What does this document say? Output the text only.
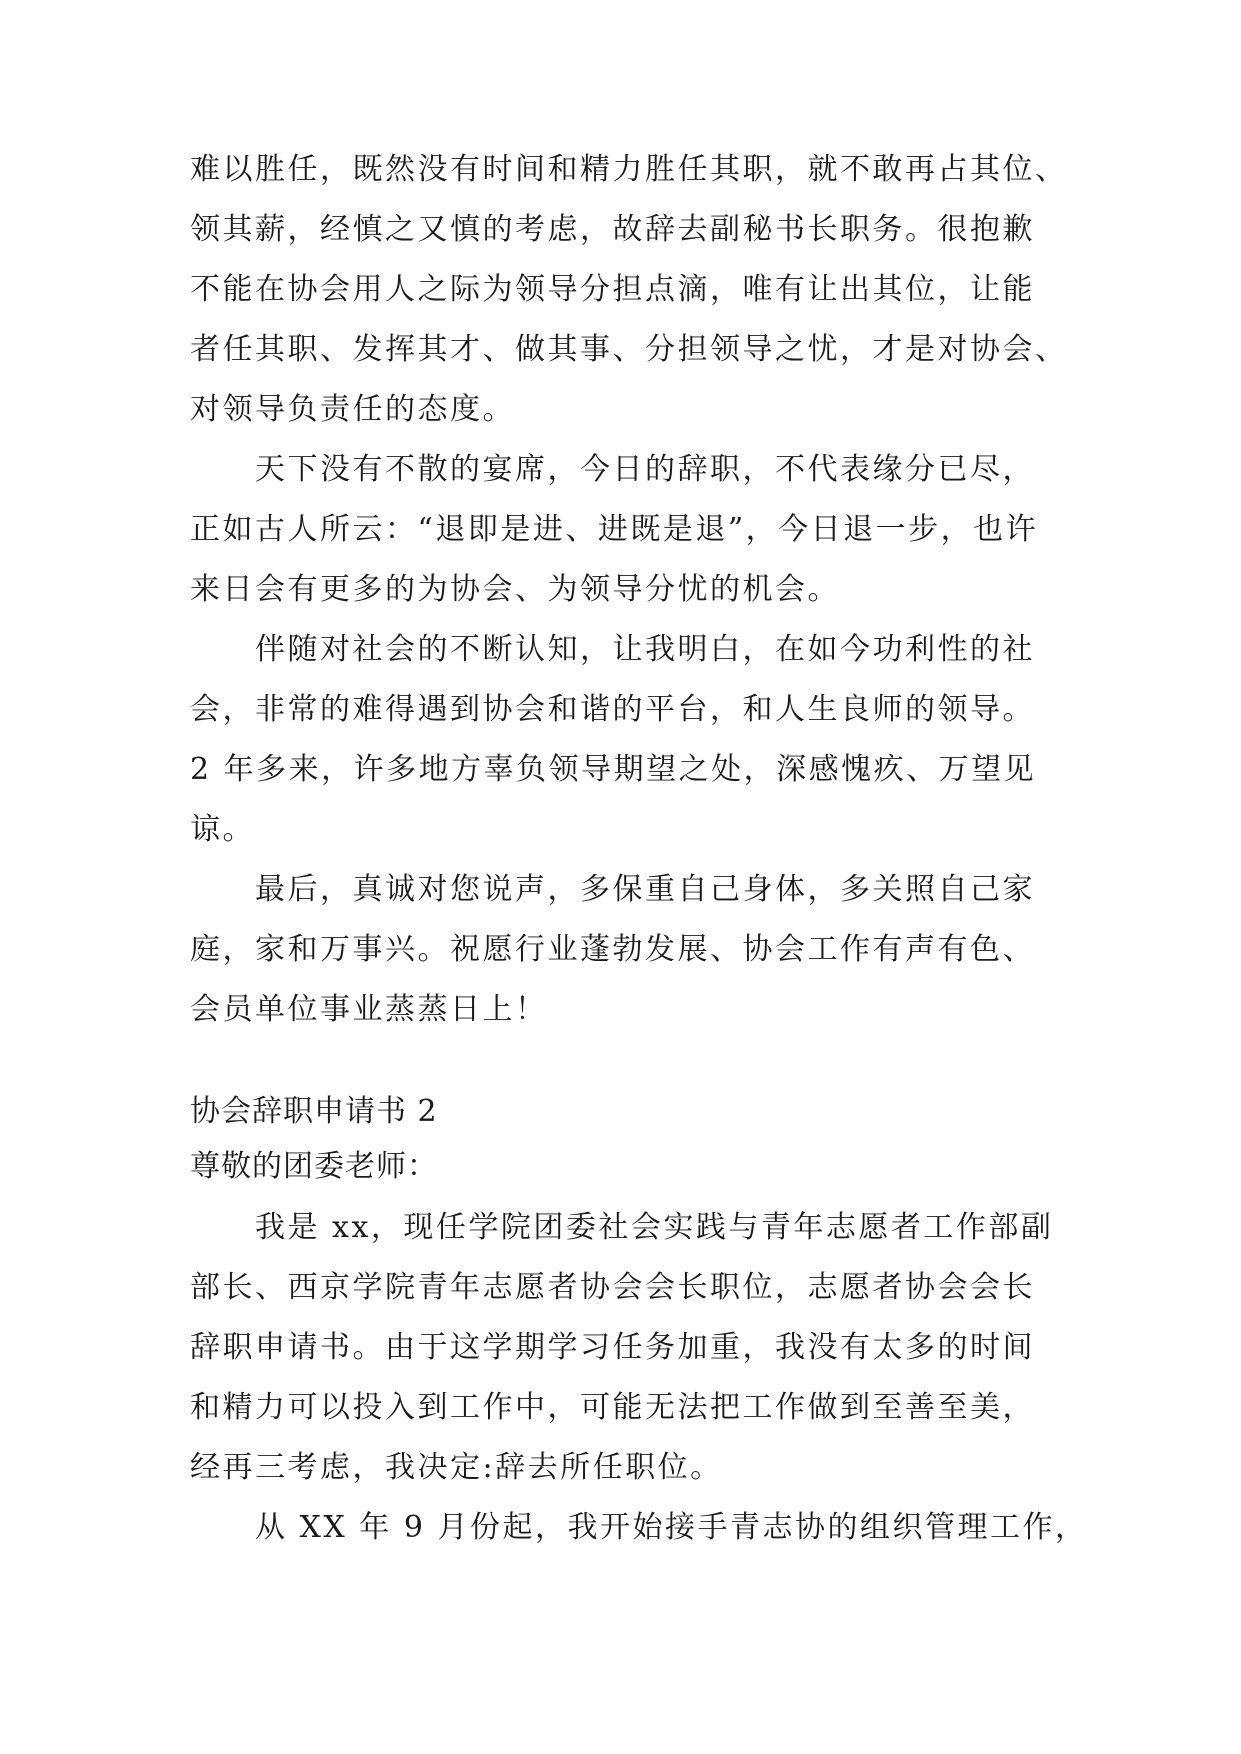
难以胜任，既然没有时间和精力胜任其职，就不敢再占其位、
领其薪，经慎之又慎的考虑，故辞去副秘书长职务。很抱歉
不能在协会用人之际为领导分担点滴，唯有让出其位，让能
者任其职、发挥其才、做其事、分担领导之忧，才是对协会、
对领导负责任的态度。
天下没有不散的宴席，今日的辞职，不代表缘分已尽，
正如古人所云：“退即是进、进既是退”，今日退一步，也许
来日会有更多的为协会、为领导分忧的机会。
伴随对社会的不断认知，让我明白，在如今功利性的社
会，非常的难得遇到协会和谐的平台，和人生良师的领导。
2 年多来，许多地方辜负领导期望之处，深感愧疚、万望见
谅。
最后，真诚对您说声，多保重自己身体，多关照自己家
庭，家和万事兴。祝愿行业蓬勃发展、协会工作有声有色、
会员单位事业蒸蒸日上！
协会辞职申请书 2
尊敬的团委老师：
我是 xx，现任学院团委社会实践与青年志愿者工作部副
部长、西京学院青年志愿者协会会长职位，志愿者协会会长
辞职申请书。由于这学期学习任务加重，我没有太多的时间
和精力可以投入到工作中，可能无法把工作做到至善至美，
经再三考虑，我决定:辞去所任职位。
从 XX 年 9 月份起，我开始接手青志协的组织管理工作，
